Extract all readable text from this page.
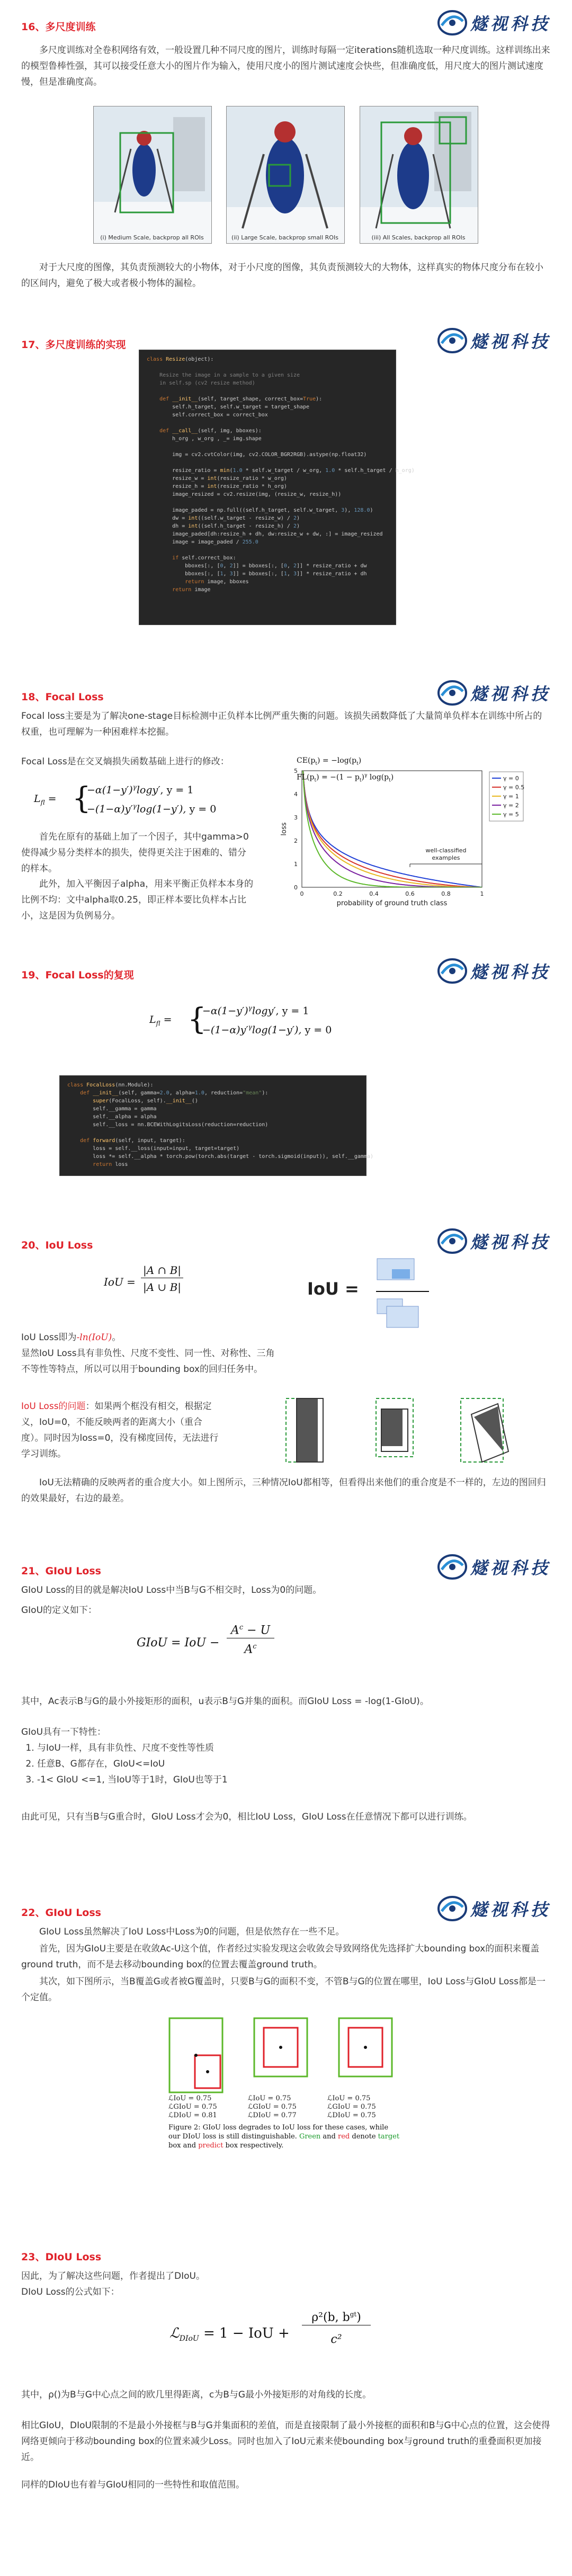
16、多尺度训练	燧视科技
多尺度训练对全卷积网络有效，一般设置几种不同尺度的图片，训练时每隔一定iterations随机选取一种尺度训练。这样训练出来的模型鲁棒性强，其可以接受任意大小的图片作为输入，使用尺度小的图片测试速度会快些，但准确度低，用尺度大的图片测试速度慢，但是准确度高。
(i) Medium Scale, backprop all ROIs	(ii) Large Scale, backprop small ROIs	(iii) All Scales, backprop all ROIs
对于大尺度的图像，其负责预测较大的小物体，对于小尺度的图像，其负责预测较大的大物体，这样真实的物体尺度分布在较小的区间内，避免了极大或者极小物体的漏检。
17、多尺度训练的实现	燧视科技
class Resize(object):

Resize the image in a sample to a given size
in self.sp (cv2 resize method)

def __init__(self, target_shape, correct_box=True):
self.h_target, self.w_target = target_shape
self.correct_box = correct_box

def __call__(self, img, bboxes):
h_org , w_org , _= img.shape

img = cv2.cvtColor(img, cv2.COLOR_BGR2RGB).astype(np.float32)

resize_ratio = min(1.0 * self.w_target / w_org, 1.0 * self.h_target / h_org)
resize_w = int(resize_ratio * w_org)
resize_h = int(resize_ratio * h_org)
image_resized = cv2.resize(img, (resize_w, resize_h))

image_paded = np.full((self.h_target, self.w_target, 3), 128.0)
dw = int((self.w_target - resize_w) / 2)
dh = int((self.h_target - resize_h) / 2)
image_paded[dh:resize_h + dh, dw:resize_w + dw, :] = image_resized
image = image_paded / 255.0

if self.correct_box:
bboxes[:, [0, 2]] = bboxes[:, [0, 2]] * resize_ratio + dw
bboxes[:, [1, 3]] = bboxes[:, [1, 3]] * resize_ratio + dh
return image, bboxes
return image
18、Focal Loss	燧视科技
Focal loss主要是为了解决one-stage目标检测中正负样本比例严重失衡的问题。该损失函数降低了大量简单负样本在训练中所占的权重，也可理解为一种困难样本挖掘。
Focal Loss是在交叉熵损失函数基础上进行的修改：
$L_{fl}$ = {
$-\alpha(1-y')^\gamma\log y'$, y = 1
$-(1-\alpha)y'^\gamma\log(1-y')$, y = 0
首先在原有的基础上加了一个因子，其中gamma>0使得减少易分类样本的损失，使得更关注于困难的、错分的样本。
此外，加入平衡因子alpha，用来平衡正负样本本身的比例不均：文中alpha取0.25，即正样本要比负样本占比小，这是因为负例易分。
$CE(p_t) = -\log(p_t)$
$FL(p_t) = -(1 - p_t)^\gamma$ $\log(p_t)$
0	0.2	0.4	0.6	0.8	1
0
1
2
3
4
5
probability of ground truth class
loss
γ = 0
γ = 0.5
γ = 1
γ = 2
γ = 5
well-classified
examples
19、Focal Loss的复现	燧视科技
$L_{fl}$ = {
$-\alpha(1-y')^\gamma\log y'$, y = 1
$-(1-\alpha)y'^\gamma\log(1-y')$, y = 0
class FocalLoss(nn.Module):
def __init__(self, gamma=2.0, alpha=1.0, reduction="mean"):
super(FocalLoss, self).__init__()
self.__gamma = gamma
self.__alpha = alpha
self.__loss = nn.BCEWithLogitsLoss(reduction=reduction)

def forward(self, input, target):
loss = self.__loss(input=input, target=target)
loss *= self.__alpha * torch.pow(torch.abs(target - torch.sigmoid(input)), self.__gamma)
return loss
20、IoU Loss	燧视科技
IoU =
|A ∩ B|
|A ∪ B|	IoU =
IoU Loss即为-ln(IoU)。
显然IoU Loss具有非负性、尺度不变性、同一性、对称性、三角不等性等特点，所以可以用于bounding box的回归任务中。
IoU Loss的问题：如果两个框没有相交，根据定义，IoU=0，不能反映两者的距离大小（重合度）。同时因为loss=0，没有梯度回传，无法进行学习训练。
IoU无法精确的反映两者的重合度大小。如上图所示，三种情况IoU都相等，但看得出来他们的重合度是不一样的，左边的图回归的效果最好，右边的最差。
21、GIoU Loss	燧视科技
GIoU Loss的目的就是解决IoU Loss中当B与G不相交时，Loss为0的问题。
GIoU的定义如下：
GIoU = IoU −
$A^c - U$
$A^c$
其中，Ac表示B与G的最小外接矩形的面积，u表示B与G并集的面积。而GIoU Loss = -log(1-GIoU)。
GIoU具有一下特性：
1. 与IoU一样，具有非负性、尺度不变性等性质
2. 任意B、G都存在，GIoU<=IoU
3. -1< GIoU <=1, 当IoU等于1时，GIoU也等于1
由此可见，只有当B与G重合时，GIoU Loss才会为0，相比IoU Loss，GIoU Loss在任意情况下都可以进行训练。
22、GIoU Loss	燧视科技
GIoU Loss虽然解决了IoU Loss中Loss为0的问题，但是依然存在一些不足。
首先，因为GIoU主要是在收敛Ac-U这个值，作者经过实验发现这会收敛会导致网络优先选择扩大bounding box的面积来覆盖ground truth，而不是去移动bounding box的位置去覆盖ground truth。
其次，如下图所示，当B覆盖G或者被G覆盖时，只要B与G的面积不变，不管B与G的位置在哪里，IoU Loss与GIoU Loss都是一个定值。
ℒIoU = 0.75
ℒGIoU = 0.75
ℒDIoU = 0.81
ℒIoU = 0.75
ℒGIoU = 0.75
ℒDIoU = 0.77
ℒIoU = 0.75
ℒGIoU = 0.75
ℒDIoU = 0.75
Figure 2: GIoU loss degrades to IoU loss for these cases, while our DIoU loss is still distinguishable. Green and red denote target box and predict box respectively.
23、DIoU Loss
因此，为了解决这些问题，作者提出了DIoU。
DIoU Loss的公式如下：
ℒ$_{DIoU}$ = 1 − IoU +
ρ²(b, $b^{gt}$)
c²
其中，ρ()为B与G中心点之间的欧几里得距离，c为B与G最小外接矩形的对角线的长度。
相比GIoU，DIoU限制的不是最小外接框与B与G并集面积的差值，而是直接限制了最小外接框的面积和B与G中心点的位置，这会使得网络更倾向于移动bounding box的位置来减少Loss。同时也加入了IoU元素来使bounding box与ground truth的重叠面积更加接近。
同样的DIoU也有着与GIoU相同的一些特性和取值范围。
